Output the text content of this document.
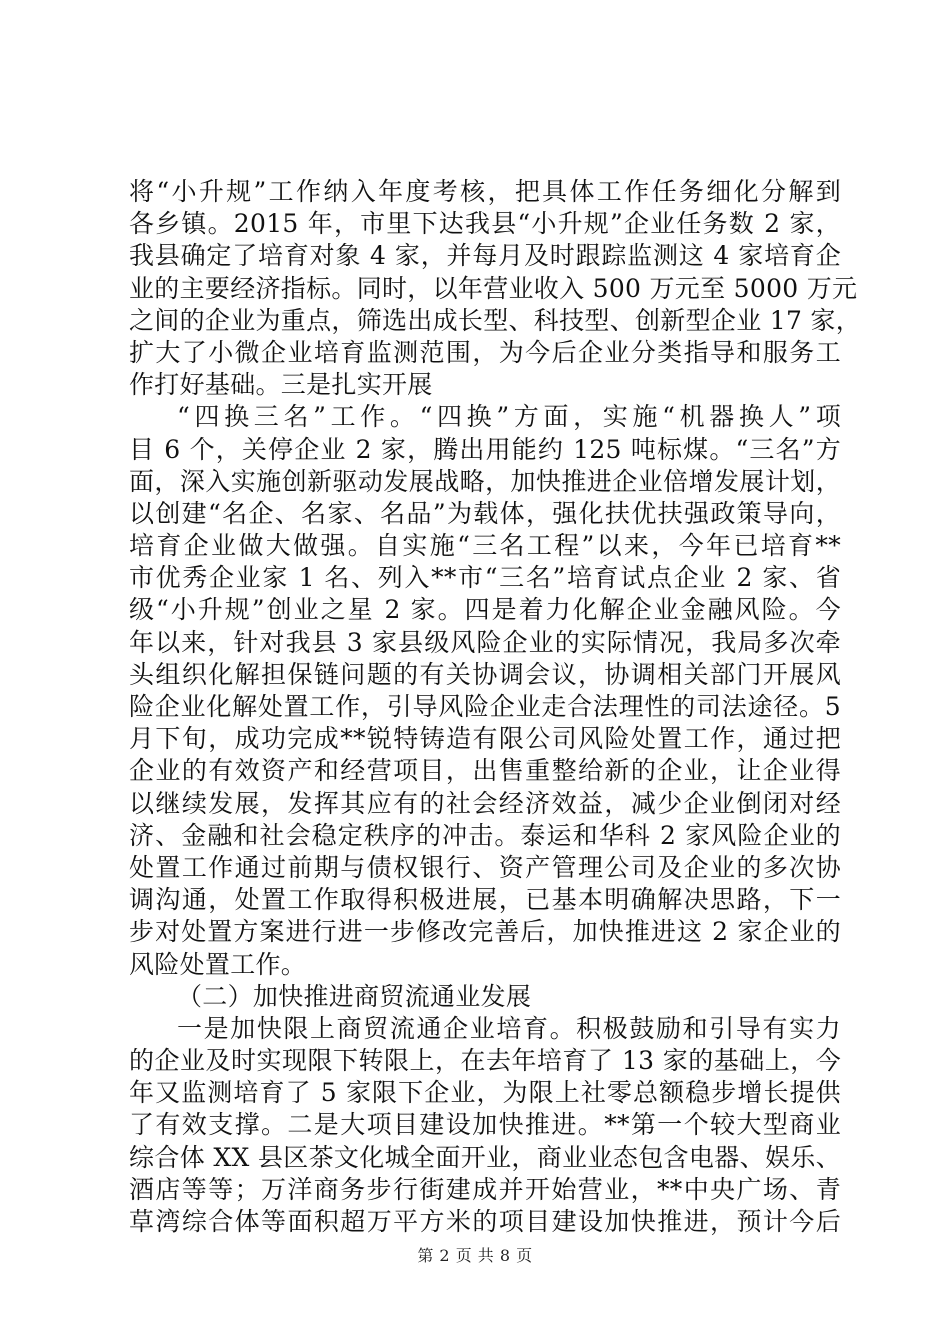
将“小升规”工作纳入年度考核，把具体工作任务细化分解到
各乡镇。2015 年，市里下达我县“小升规”企业任务数 2 家，
我县确定了培育对象 4 家，并每月及时跟踪监测这 4 家培育企
业的主要经济指标。同时，以年营业收入 500 万元至 5000 万元
之间的企业为重点，筛选出成长型、科技型、创新型企业 17 家，
扩大了小微企业培育监测范围，为今后企业分类指导和服务工
作打好基础。三是扎实开展
“四换三名”工作。“四换”方面，实施“机器换人”项
目 6 个，关停企业 2 家，腾出用能约 125 吨标煤。“三名”方
面，深入实施创新驱动发展战略，加快推进企业倍增发展计划，
以创建“名企、名家、名品”为载体，强化扶优扶强政策导向，
培育企业做大做强。自实施“三名工程”以来，今年已培育**
市优秀企业家 1 名、列入**市“三名”培育试点企业 2 家、省
级“小升规”创业之星 2 家。四是着力化解企业金融风险。今
年以来，针对我县 3 家县级风险企业的实际情况，我局多次牵
头组织化解担保链问题的有关协调会议，协调相关部门开展风
险企业化解处置工作，引导风险企业走合法理性的司法途径。5
月下旬，成功完成**锐特铸造有限公司风险处置工作，通过把
企业的有效资产和经营项目，出售重整给新的企业，让企业得
以继续发展，发挥其应有的社会经济效益，减少企业倒闭对经
济、金融和社会稳定秩序的冲击。泰运和华科 2 家风险企业的
处置工作通过前期与债权银行、资产管理公司及企业的多次协
调沟通，处置工作取得积极进展，已基本明确解决思路，下一
步对处置方案进行进一步修改完善后，加快推进这 2 家企业的
风险处置工作。
（二）加快推进商贸流通业发展
一是加快限上商贸流通企业培育。积极鼓励和引导有实力
的企业及时实现限下转限上，在去年培育了 13 家的基础上，今
年又监测培育了 5 家限下企业，为限上社零总额稳步增长提供
了有效支撑。二是大项目建设加快推进。**第一个较大型商业
综合体 XX 县区茶文化城全面开业，商业业态包含电器、娱乐、
酒店等等；万洋商务步行街建成并开始营业，**中央广场、青
草湾综合体等面积超万平方米的项目建设加快推进，预计今后
第 2 页 共 8 页
